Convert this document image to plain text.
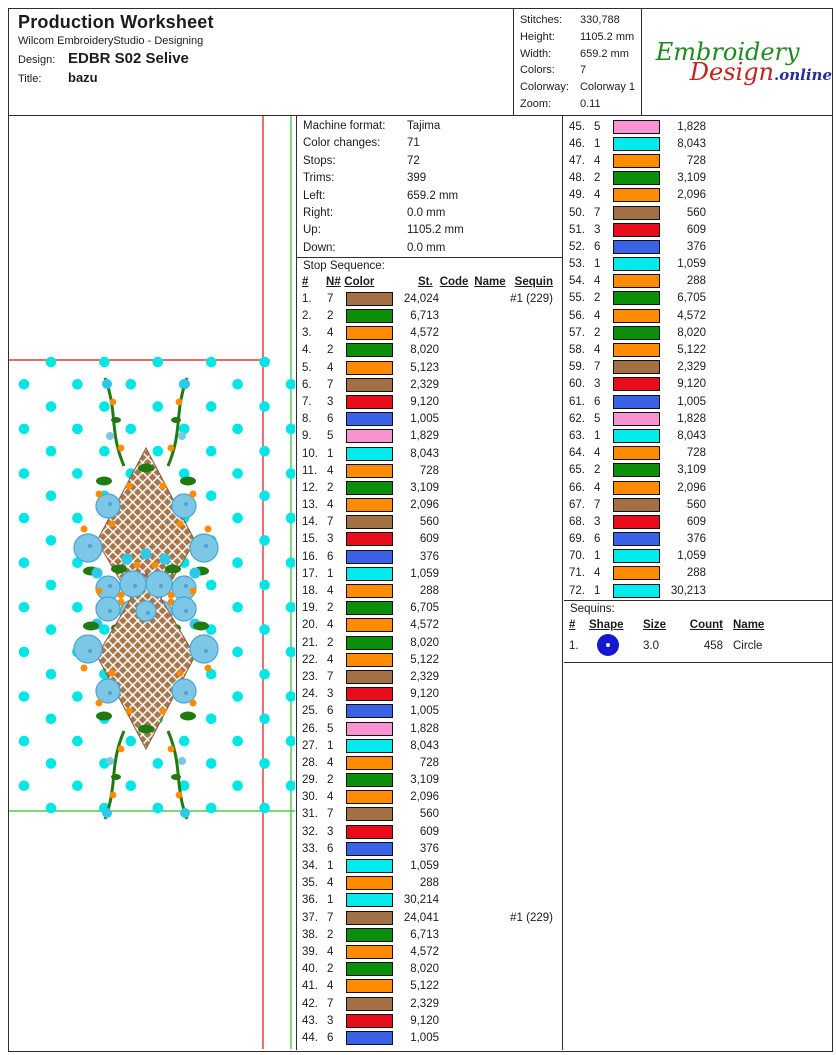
Production Worksheet
Wilcom EmbroideryStudio - Designing
Design: EDBR S02 Selive
Title:	bazu
Stitches:	330,788
Height:	1105.2 mm
Width:	659.2 mm
Colors:	7
Colorway:	Colorway 1
Zoom:	0.11
Embroidery
Design.online
Machine format:	Tajima
Color changes:	71
Stops:	72
Trims:	399
Left:	659.2 mm
Right:	0.0 mm
Up:	1105.2 mm
Down:	0.0 mm
Stop Sequence:
#	N# Color	St. Code Name Sequin
1.	7	24,024	#1 (229)
2.	2	6,713
3.	4	4,572
4.	2	8,020
5.	4	5,123
6.	7	2,329
7.	3	9,120
8.	6	1,005
9.	5	1,829
10. 1	8,043
11. 4	728
12. 2	3,109
13. 4	2,096
14. 7	560
15. 3	609
16. 6	376
17. 1	1,059
18. 4	288
19. 2	6,705
20. 4	4,572
21. 2	8,020
22. 4	5,122
23. 7	2,329
24. 3	9,120
25. 6	1,005
26. 5	1,828
27. 1	8,043
28. 4	728
29. 2	3,109
30. 4	2,096
31. 7	560
32. 3	609
33. 6	376
34. 1	1,059
35. 4	288
36. 1	30,214
37. 7	24,041	#1 (229)
38. 2	6,713
39. 4	4,572
40. 2	8,020
41. 4	5,122
42. 7	2,329
43. 3	9,120
44. 6	1,005
45. 5	1,828
46. 1	8,043
47. 4	728
48. 2	3,109
49. 4	2,096
50. 7	560
51. 3	609
52. 6	376
53. 1	1,059
54. 4	288
55. 2	6,705
56. 4	4,572
57. 2	8,020
58. 4	5,122
59. 7	2,329
60. 3	9,120
61. 6	1,005
62. 5	1,828
63. 1	8,043
64. 4	728
65. 2	3,109
66. 4	2,096
67. 7	560
68. 3	609
69. 6	376
70. 1	1,059
71. 4	288
72. 1	30,213
Sequins:
#	Shape	Size	Count Name
1.	3.0	458 Circle
